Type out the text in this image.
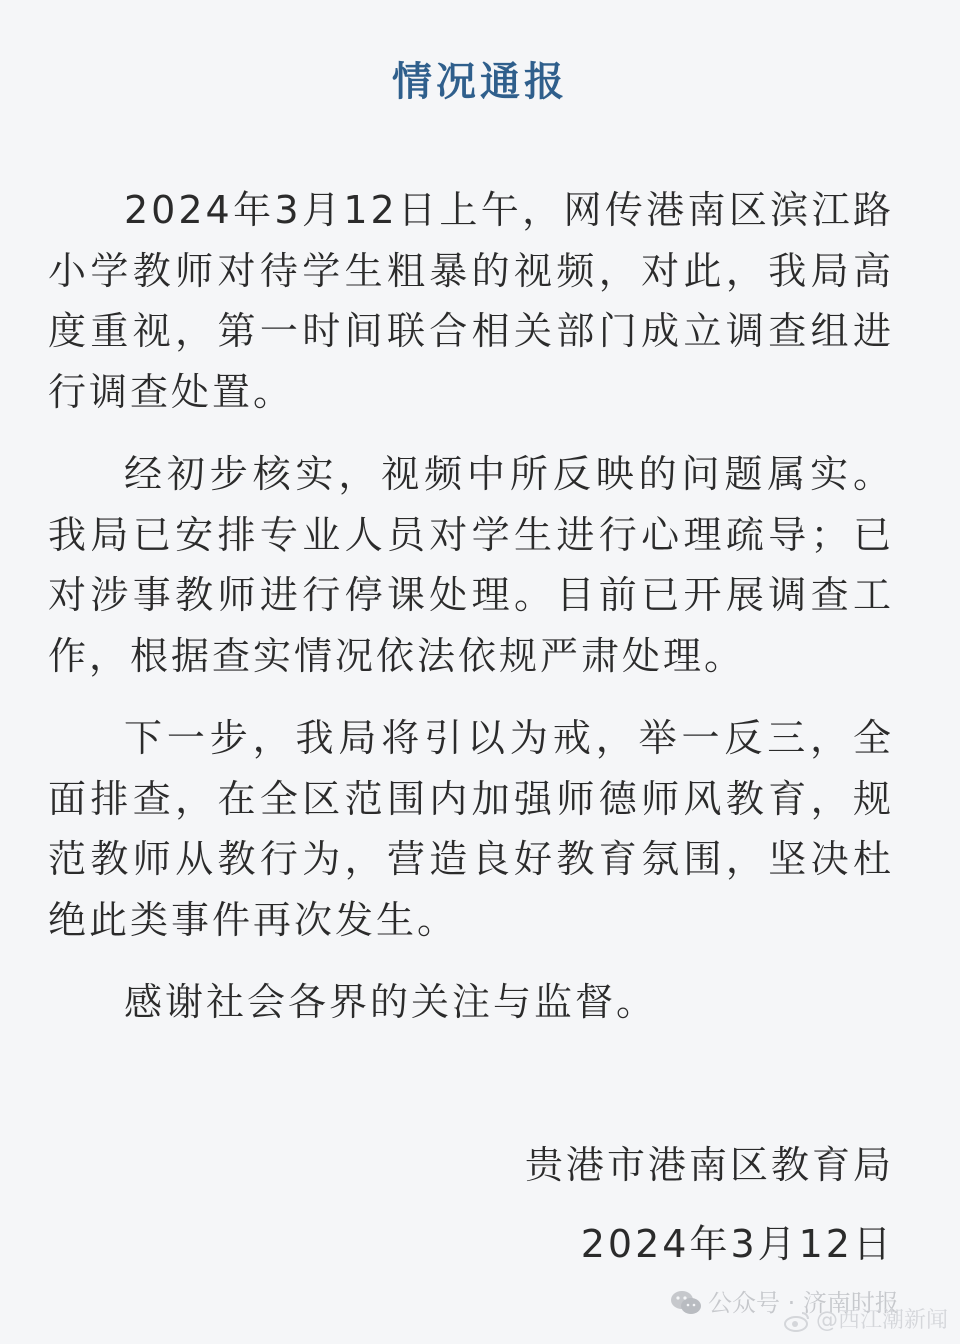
情况通报

2024年3月12日上午，网传港南区滨江路小学教师对待学生粗暴的视频，对此，我局高度重视，第一时间联合相关部门成立调查组进行调查处置。

经初步核实，视频中所反映的问题属实。我局已安排专业人员对学生进行心理疏导；已对涉事教师进行停课处理。目前已开展调查工作，根据查实情况依法依规严肃处理。

下一步，我局将引以为戒，举一反三，全面排查，在全区范围内加强师德师风教育，规范教师从教行为，营造良好教育氛围，坚决杜绝此类事件再次发生。

感谢社会各界的关注与监督。

贵港市港南区教育局
2024年3月12日
公众号 · 济南时报
@西江潮新闻
